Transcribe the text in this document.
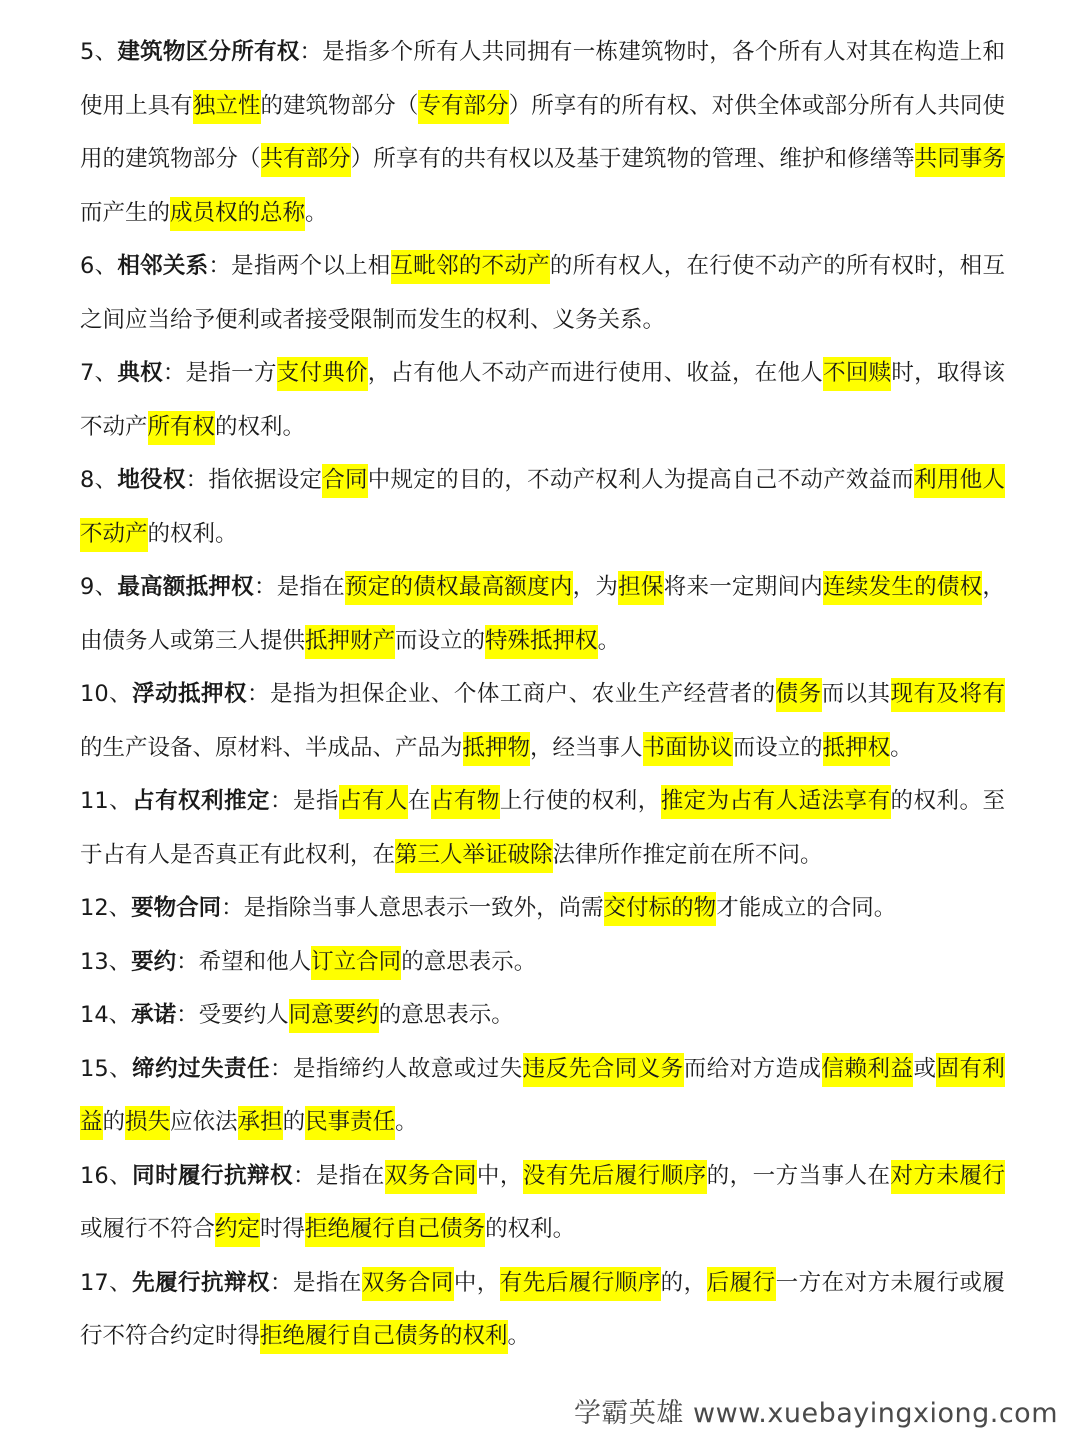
5、建筑物区分所有权：是指多个所有人共同拥有一栋建筑物时，各个所有人对其在构造上和使用上具有独立性的建筑物部分（专有部分）所享有的所有权、对供全体或部分所有人共同使用的建筑物部分（共有部分）所享有的共有权以及基于建筑物的管理、维护和修缮等共同事务而产生的成员权的总称。

6、相邻关系：是指两个以上相互毗邻的不动产的所有权人，在行使不动产的所有权时，相互之间应当给予便利或者接受限制而发生的权利、义务关系。

7、典权：是指一方支付典价，占有他人不动产而进行使用、收益，在他人不回赎时，取得该不动产所有权的权利。

8、地役权：指依据设定合同中规定的目的，不动产权利人为提高自己不动产效益而利用他人不动产的权利。

9、最高额抵押权：是指在预定的债权最高额度内，为担保将来一定期间内连续发生的债权，由债务人或第三人提供抵押财产而设立的特殊抵押权。

10、浮动抵押权：是指为担保企业、个体工商户、农业生产经营者的债务而以其现有及将有的生产设备、原材料、半成品、产品为抵押物，经当事人书面协议而设立的抵押权。

11、占有权利推定：是指占有人在占有物上行使的权利，推定为占有人适法享有的权利。至于占有人是否真正有此权利，在第三人举证破除法律所作推定前在所不问。

12、要物合同：是指除当事人意思表示一致外，尚需交付标的物才能成立的合同。

13、要约：希望和他人订立合同的意思表示。

14、承诺：受要约人同意要约的意思表示。

15、缔约过失责任：是指缔约人故意或过失违反先合同义务而给对方造成信赖利益或固有利益的损失应依法承担的民事责任。

16、同时履行抗辩权：是指在双务合同中，没有先后履行顺序的，一方当事人在对方未履行或履行不符合约定时得拒绝履行自己债务的权利。

17、先履行抗辩权：是指在双务合同中，有先后履行顺序的，后履行一方在对方未履行或履行不符合约定时得拒绝履行自己债务的权利。

学霸英雄 www.xuebayingxiong.com
